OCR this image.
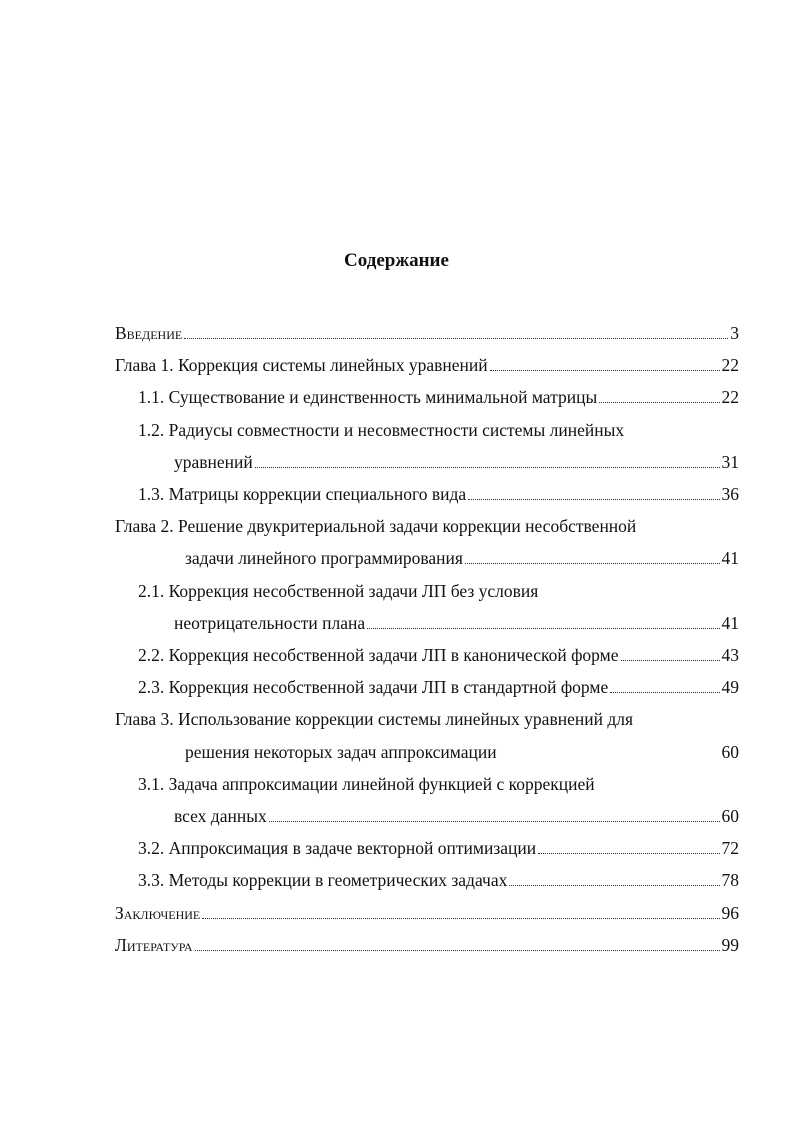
Содержание
Введение	3
Глава 1. Коррекция системы линейных уравнений	22
1.1. Существование и единственность минимальной матрицы	22
1.2. Радиусы совместности и несовместности системы линейных
уравнений	31
1.3. Матрицы коррекции специального вида	36
Глава 2. Решение двукритериальной задачи коррекции несобственной
задачи линейного программирования	41
2.1. Коррекция несобственной задачи ЛП без условия
неотрицательности плана	41
2.2. Коррекция несобственной задачи ЛП в канонической форме	43
2.3. Коррекция несобственной задачи ЛП в стандартной форме	49
Глава 3. Использование коррекции системы линейных уравнений для
решения некоторых задач аппроксимации	60
3.1. Задача аппроксимации линейной функцией с коррекцией
всех данных	60
3.2. Аппроксимация в задаче векторной оптимизации	72
3.3. Методы коррекции в геометрических задачах	78
Заключение	96
Литература	99
